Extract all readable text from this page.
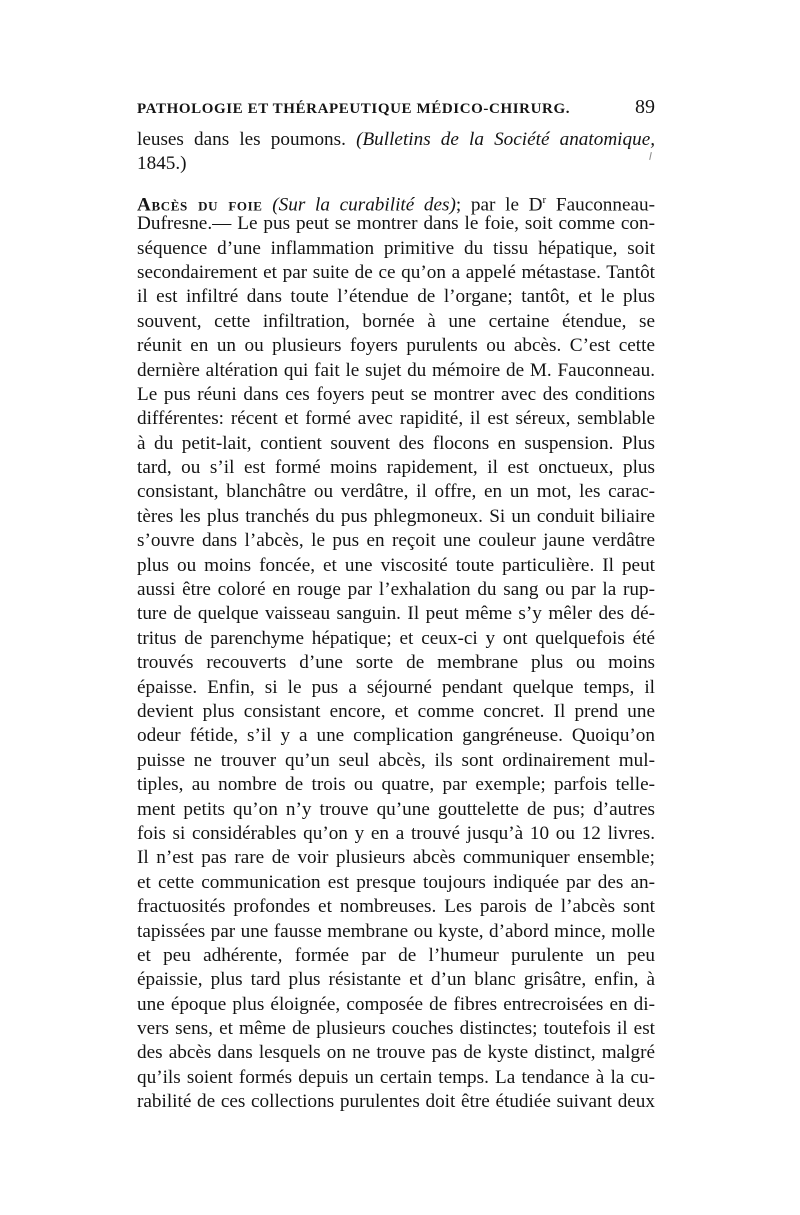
PATHOLOGIE ET THÉRAPEUTIQUE MÉDICO-CHIRURG.	89
leuses dans les poumons. (Bulletins de la Société anatomique,
1845.)
Abcès du foie (Sur la curabilité des); par le $D^r$ Fauconneau-
Dufresne.— Le pus peut se montrer dans le foie, soit comme con-
séquence d’une inflammation primitive du tissu hépatique, soit
secondairement et par suite de ce qu’on a appelé métastase. Tantôt
il est infiltré dans toute l’étendue de l’organe; tantôt, et le plus
souvent, cette infiltration, bornée à une certaine étendue, se
réunit en un ou plusieurs foyers purulents ou abcès. C’est cette
dernière altération qui fait le sujet du mémoire de M. Fauconneau.
Le pus réuni dans ces foyers peut se montrer avec des conditions
différentes: récent et formé avec rapidité, il est séreux, semblable
à du petit-lait, contient souvent des flocons en suspension. Plus
tard, ou s’il est formé moins rapidement, il est onctueux, plus
consistant, blanchâtre ou verdâtre, il offre, en un mot, les carac-
tères les plus tranchés du pus phlegmoneux. Si un conduit biliaire
s’ouvre dans l’abcès, le pus en reçoit une couleur jaune verdâtre
plus ou moins foncée, et une viscosité toute particulière. Il peut
aussi être coloré en rouge par l’exhalation du sang ou par la rup-
ture de quelque vaisseau sanguin. Il peut même s’y mêler des dé-
tritus de parenchyme hépatique; et ceux-ci y ont quelquefois été
trouvés recouverts d’une sorte de membrane plus ou moins
épaisse. Enfin, si le pus a séjourné pendant quelque temps, il
devient plus consistant encore, et comme concret. Il prend une
odeur fétide, s’il y a une complication gangréneuse. Quoiqu’on
puisse ne trouver qu’un seul abcès, ils sont ordinairement mul-
tiples, au nombre de trois ou quatre, par exemple; parfois telle-
ment petits qu’on n’y trouve qu’une gouttelette de pus; d’autres
fois si considérables qu’on y en a trouvé jusqu’à 10 ou 12 livres.
Il n’est pas rare de voir plusieurs abcès communiquer ensemble;
et cette communication est presque toujours indiquée par des an-
fractuosités profondes et nombreuses. Les parois de l’abcès sont
tapissées par une fausse membrane ou kyste, d’abord mince, molle
et peu adhérente, formée par de l’humeur purulente un peu
épaissie, plus tard plus résistante et d’un blanc grisâtre, enfin, à
une époque plus éloignée, composée de fibres entrecroisées en di-
vers sens, et même de plusieurs couches distinctes; toutefois il est
des abcès dans lesquels on ne trouve pas de kyste distinct, malgré
qu’ils soient formés depuis un certain temps. La tendance à la cu-
rabilité de ces collections purulentes doit être étudiée suivant deux
